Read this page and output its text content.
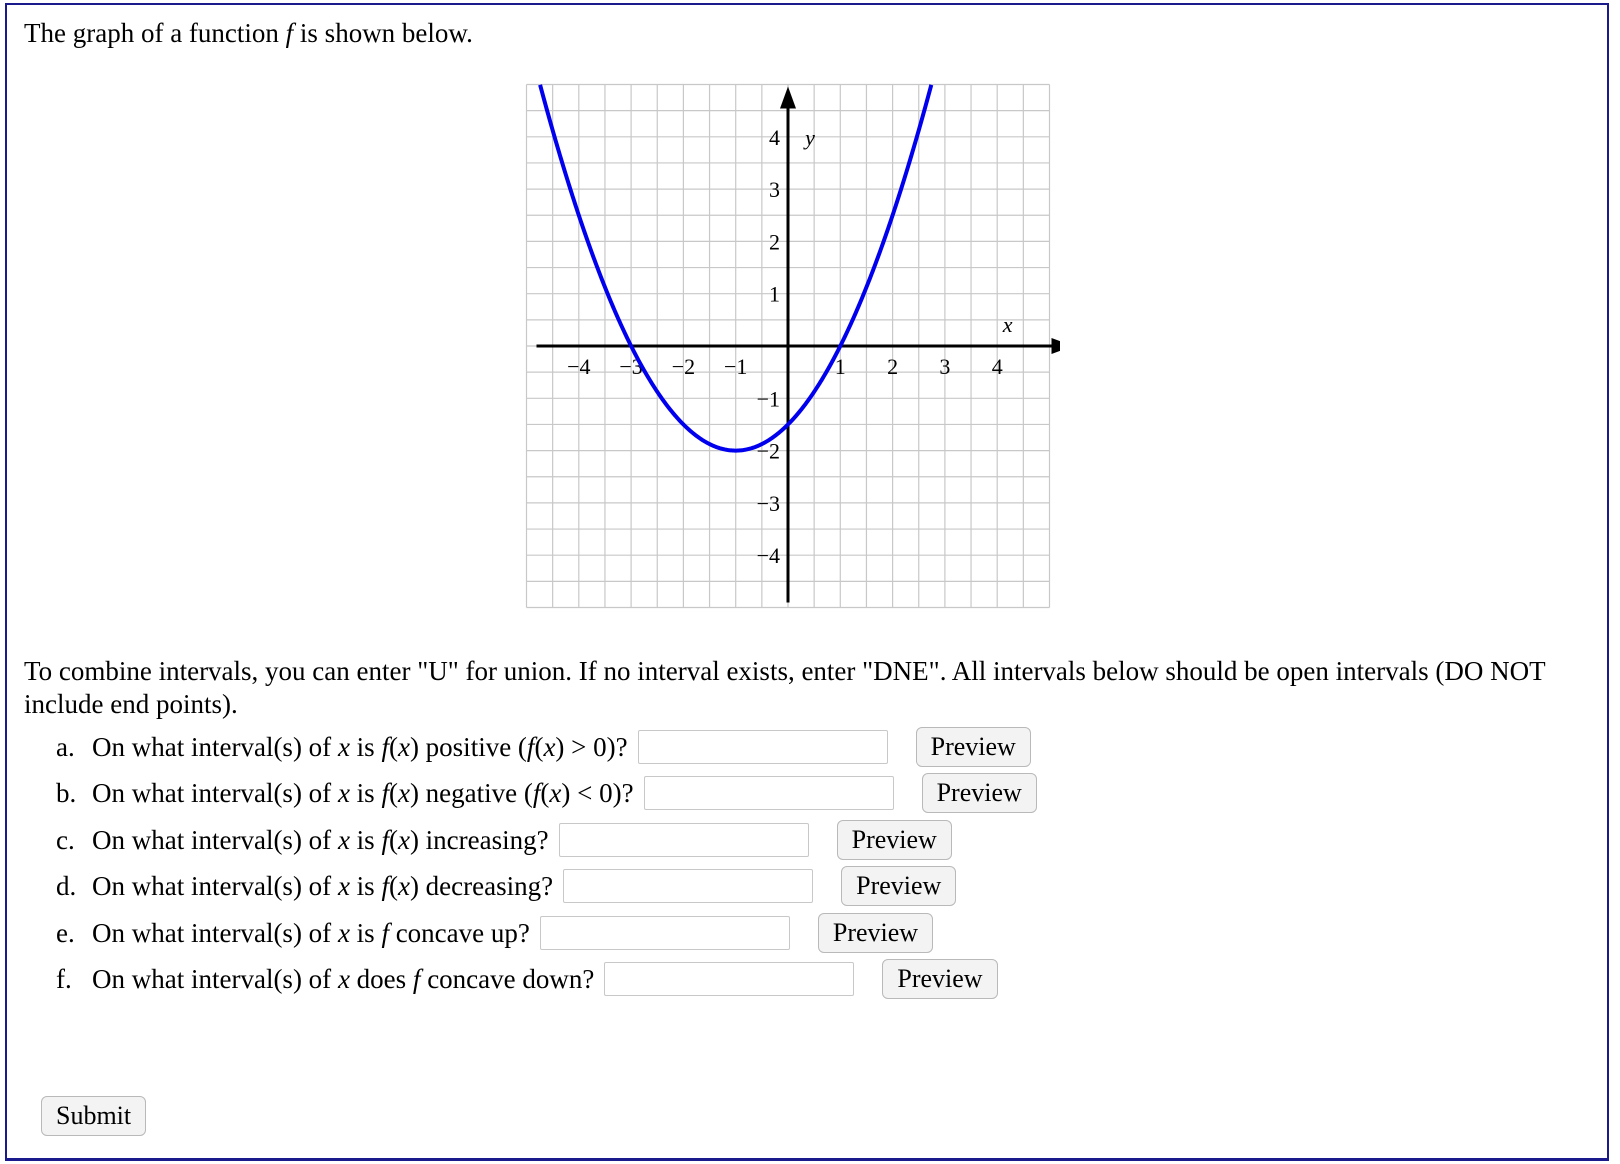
The graph of a function f is shown below.
x
y
−4 −3 −2 −1	1 2 3 4
4
3
2
1
−1
−2
−3
−4
To combine intervals, you can enter "U" for union. If no interval exists, enter "DNE". All intervals below should be open intervals (DO NOT include end points).
a. On what interval(s) of x is f(x) positive (f(x) > 0)?	Preview
b. On what interval(s) of x is f(x) negative (f(x) < 0)?	Preview
c. On what interval(s) of x is f(x) increasing?	Preview
d. On what interval(s) of x is f(x) decreasing?	Preview
e. On what interval(s) of x is f concave up?	Preview
f. On what interval(s) of x does f concave down?	Preview
Submit
